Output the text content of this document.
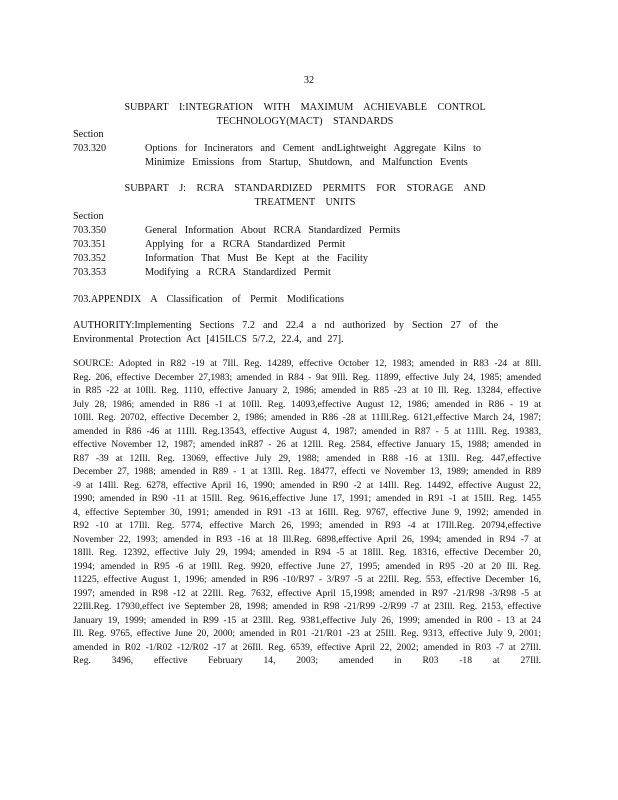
32
SUBPART I:INTEGRATION WITH MAXIMUM ACHIEVABLE CONTROL
TECHNOLOGY(MACT) STANDARDS
Section
703.320	Options for Incinerators and Cement andLightweight Aggregate Kilns to Minimize Emissions from Startup, Shutdown, and Malfunction Events
SUBPART J: RCRA STANDARDIZED PERMITS FOR STORAGE AND
TREATMENT UNITS
Section
703.350	General Information About RCRA Standardized Permits
703.351	Applying for a RCRA Standardized Permit
703.352	Information That Must Be Kept at the Facility
703.353	Modifying a RCRA Standardized Permit
703.APPENDIX A Classification of Permit Modifications
AUTHORITY:Implementing Sections 7.2 and 22.4 a nd authorized by Section 27 of the Environmental Protection Act [415ILCS 5/7.2, 22.4, and 27].
SOURCE: Adopted in R82 -19 at 7Ill. Reg. 14289, effective October 12, 1983; amended in R83 -24 at 8Ill. Reg. 206, effective December 27,1983; amended in R84 - 9at 9Ill. Reg. 11899, effective July 24, 1985; amended in R85 -22 at 10Ill. Reg. 1110, effective January 2, 1986; amended in R85 -23 at 10 Ill. Reg. 13284, effective July 28, 1986; amended in R86 -1 at 10Ill. Reg. 14093,effective August 12, 1986; amended in R86 - 19 at 10Ill. Reg. 20702, effective December 2, 1986; amended in R86 -28 at 11Ill.Reg. 6121,effective March 24, 1987; amended in R86 -46 at 11Ill. Reg.13543, effective August 4, 1987; amended in R87 - 5 at 11Ill. Reg. 19383, effective November 12, 1987; amended inR87 - 26 at 12Ill. Reg. 2584, effective January 15, 1988; amended in R87 -39 at 12Ill. Reg. 13069, effective July 29, 1988; amended in R88 -16 at 13Ill. Reg. 447,effective December 27, 1988; amended in R89 - 1 at 13Ill. Reg. 18477, effecti ve November 13, 1989; amended in R89 -9 at 14Ill. Reg. 6278, effective April 16, 1990; amended in R90 -2 at 14Ill. Reg. 14492, effective August 22, 1990; amended in R90 -11 at 15Ill. Reg. 9616,effective June 17, 1991; amended in R91 -1 at 15Ill. Reg. 1455 4, effective September 30, 1991; amended in R91 -13 at 16Ill. Reg. 9767, effective June 9, 1992; amended in R92 -10 at 17Ill. Reg. 5774, effective March 26, 1993; amended in R93 -4 at 17Ill.Reg. 20794,effective November 22, 1993; amended in R93 -16 at 18 Ill.Reg. 6898,effective April 26, 1994; amended in R94 -7 at 18Ill. Reg. 12392, effective July 29, 1994; amended in R94 -5 at 18Ill. Reg. 18316, effective December 20, 1994; amended in R95 -6 at 19Ill. Reg. 9920, effective June 27, 1995; amended in R95 -20 at 20 Ill. Reg. 11225, effective August 1, 1996; amended in R96 -10/R97 - 3/R97 -5 at 22Ill. Reg. 553, effective December 16, 1997; amended in R98 -12 at 22Ill. Reg. 7632, effective April 15,1998; amended in R97 -21/R98 -3/R98 -5 at 22Ill.Reg. 17930,effect ive September 28, 1998; amended in R98 -21/R99 -2/R99 -7 at 23Ill. Reg. 2153, effective January 19, 1999; amended in R99 -15 at 23Ill. Reg. 9381,effective July 26, 1999; amended in R00 - 13 at 24 Ill. Reg. 9765, effective June 20, 2000; amended in R01 -21/R01 -23 at 25Ill. Reg. 9313, effective July 9, 2001; amended in R02 -1/R02 -12/R02 -17 at 26Ill. Reg. 6539, effective April 22, 2002; amended in R03 -7 at 27Ill. Reg. 3496, effective February 14, 2003; amended in R03 -18 at 27Ill.
